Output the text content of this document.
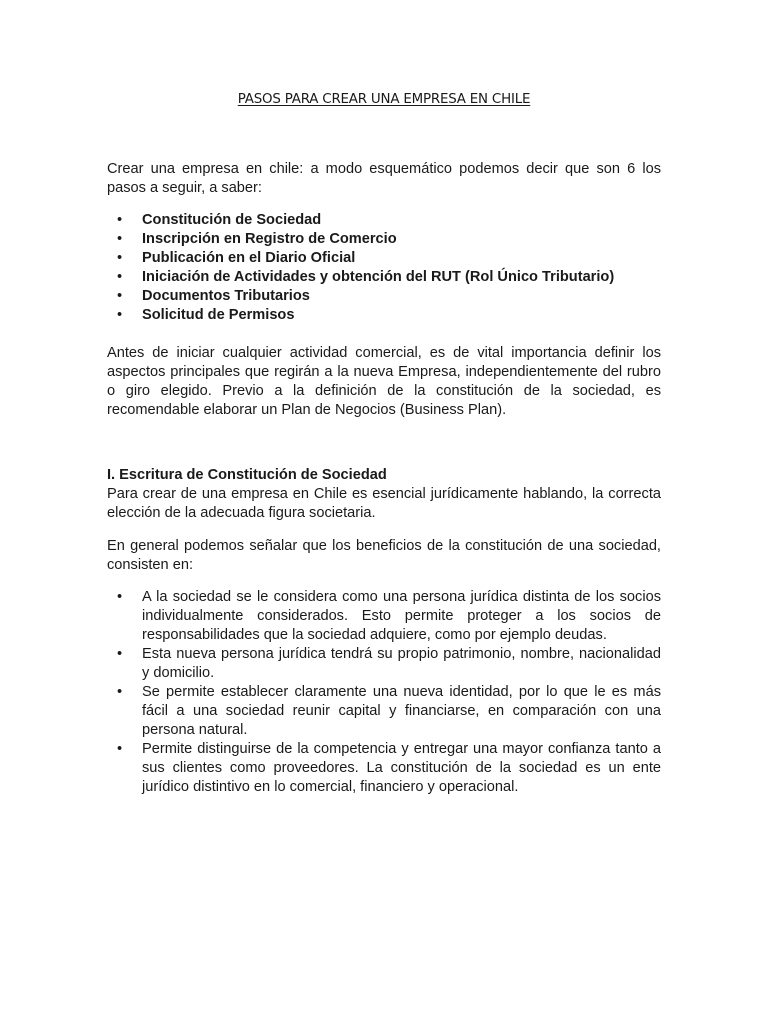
PASOS PARA CREAR UNA EMPRESA EN CHILE

Crear una empresa en chile: a modo esquemático podemos decir que son 6 los pasos a seguir, a saber:

• Constitución de Sociedad
• Inscripción en Registro de Comercio
• Publicación en el Diario Oficial
• Iniciación de Actividades y obtención del RUT (Rol Único Tributario)
• Documentos Tributarios
• Solicitud de Permisos

Antes de iniciar cualquier actividad comercial, es de vital importancia definir los aspectos principales que regirán a la nueva Empresa, independientemente del rubro o giro elegido. Previo a la definición de la constitución de la sociedad, es recomendable elaborar un Plan de Negocios (Business Plan).

I. Escritura de Constitución de Sociedad

Para crear de una empresa en Chile es esencial jurídicamente hablando, la correcta elección de la adecuada figura societaria.

En general podemos señalar que los beneficios de la constitución de una sociedad, consisten en:

• A la sociedad se le considera como una persona jurídica distinta de los socios individualmente considerados. Esto permite proteger a los socios de responsabilidades que la sociedad adquiere, como por ejemplo deudas.
• Esta nueva persona jurídica tendrá su propio patrimonio, nombre, nacionalidad y domicilio.
• Se permite establecer claramente una nueva identidad, por lo que le es más fácil a una sociedad reunir capital y financiarse, en comparación con una persona natural.
• Permite distinguirse de la competencia y entregar una mayor confianza tanto a sus clientes como proveedores. La constitución de la sociedad es un ente jurídico distintivo en lo comercial, financiero y operacional.
